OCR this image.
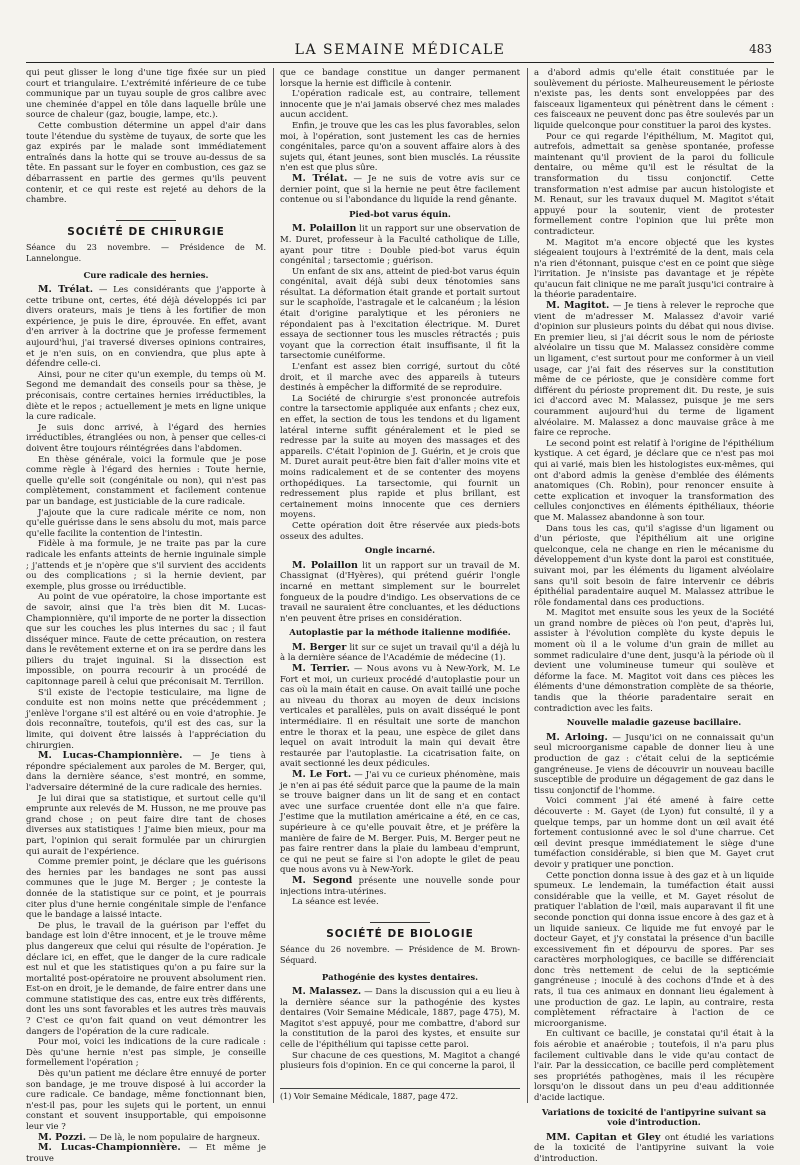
LA SEMAINE MÉDICALE	483

qui peut glisser le long d'une tige fixée sur un pied court et triangulaire. L'extrémité inférieure de ce tube communique par un tuyau souple de gros calibre avec une cheminée d'appel en tôle dans laquelle brûle une source de chaleur (gaz, bougie, lampe, etc.).

Cette combustion détermine un appel d'air dans toute l'étendue du système de tuyaux, de sorte que les gaz expirés par le malade sont immédiatement entraînés dans la hotte qui se trouve au-dessus de sa tête. En passant sur le foyer en combustion, ces gaz se débarrassent en partie des germes qu'ils peuvent contenir, et ce qui reste est rejeté au dehors de la chambre.

SOCIÉTÉ DE CHIRURGIE

Séance du 23 novembre. — Présidence de M. Lannelongue.

Cure radicale des hernies.

M. Trélat. — Les considérants que j'apporte à cette tribune ont, certes, été déjà développés ici par divers orateurs, mais je tiens à les fortifier de mon expérience, je puis le dire, éprouvée. En effet, avant d'en arriver à la doctrine que je professe fermement aujourd'hui, j'ai traversé diverses opinions contraires, et je n'en suis, on en conviendra, que plus apte à défendre celle-ci.

Ainsi, pour ne citer qu'un exemple, du temps où M. Segond me demandait des conseils pour sa thèse, je préconisais, contre certaines hernies irréductibles, la diète et le repos ; actuellement je mets en ligne unique la cure radicale.

Je suis donc arrivé, à l'égard des hernies irréductibles, étranglées ou non, à penser que celles-ci doivent être toujours réintégrées dans l'abdomen.

En thèse générale, voici la formule que je pose comme règle à l'égard des hernies : Toute hernie, quelle qu'elle soit (congénitale ou non), qui n'est pas complètement, constamment et facilement contenue par un bandage, est justiciable de la cure radicale.

J'ajoute que la cure radicale mérite ce nom, non qu'elle guérisse dans le sens absolu du mot, mais parce qu'elle facilite la contention de l'intestin.

Fidèle à ma formule, je ne traite pas par la cure radicale les enfants atteints de hernie inguinale simple ; j'attends et je n'opère que s'il survient des accidents ou des complications ; si la hernie devient, par exemple, plus grosse ou irréductible.

Au point de vue opératoire, la chose importante est de savoir, ainsi que l'a très bien dit M. Lucas-Championnière, qu'il importe de ne porter la dissection que sur les couches les plus internes du sac ; il faut disséquer mince. Faute de cette précaution, on restera dans le revêtement externe et on ira se perdre dans les piliers du trajet inguinal. Si la dissection est impossible, on pourra recourir à un procédé de capitonnage pareil à celui que préconisait M. Terrillon.

S'il existe de l'ectopie testiculaire, ma ligne de conduite est non moins nette que précédemment ; j'enlève l'organe s'il est altéré ou en voie d'atrophie. Je dois reconnaître, toutefois, qu'il est des cas, sur la limite, qui doivent être laissés à l'appréciation du chirurgien.

M. Lucas-Championnière. — Je tiens à répondre spécialement aux paroles de M. Berger, qui, dans la dernière séance, s'est montré, en somme, l'adversaire déterminé de la cure radicale des hernies.

Je lui dirai que sa statistique, et surtout celle qu'il emprunte aux relevés de M. Husson, ne me prouve pas grand chose ; on peut faire dire tant de choses diverses aux statistiques ! J'aime bien mieux, pour ma part, l'opinion qui serait formulée par un chirurgien qui aurait de l'expérience.

Comme premier point, je déclare que les guérisons des hernies par les bandages ne sont pas aussi communes que le juge M. Berger ; je conteste la donnée de la statistique sur ce point, et je pourrais citer plus d'une hernie congénitale simple de l'enfance que le bandage a laissé intacte.

De plus, le travail de la guérison par l'effet du bandage est loin d'être innocent, et je le trouve même plus dangereux que celui qui résulte de l'opération. Je déclare ici, en effet, que le danger de la cure radicale est nul et que les statistiques qu'on a pu faire sur la mortalité post-opératoire ne prouvent absolument rien. Est-on en droit, je le demande, de faire entrer dans une commune statistique des cas, entre eux très différents, dont les uns sont favorables et les autres très mauvais ? C'est ce qu'on fait quand on veut démontrer les dangers de l'opération de la cure radicale.

Pour moi, voici les indications de la cure radicale : Dès qu'une hernie n'est pas simple, je conseille formellement l'opération ;

Dès qu'un patient me déclare être ennuyé de porter son bandage, je me trouve disposé à lui accorder la cure radicale. Ce bandage, même fonctionnant bien, n'est-il pas, pour les sujets qui le portent, un ennui constant et souvent insupportable, qui empoisonne leur vie ?

M. Pozzi. — De là, le nom populaire de hargneux.

M. Lucas-Championnière. — Et même je trouve

que ce bandage constitue un danger permanent lorsque la hernie est difficile à contenir.

L'opération radicale est, au contraire, tellement innocente que je n'ai jamais observé chez mes malades aucun accident.

Enfin, je trouve que les cas les plus favorables, selon moi, à l'opération, sont justement les cas de hernies congénitales, parce qu'on a souvent affaire alors à des sujets qui, étant jeunes, sont bien musclés. La réussite n'en est que plus sûre.

M. Trélat. — Je ne suis de votre avis sur ce dernier point, que si la hernie ne peut être facilement contenue ou si l'abondance du liquide la rend gênante.

Pied-bot varus équin.

M. Polaillon lit un rapport sur une observation de M. Duret, professeur à la Faculté catholique de Lille, ayant pour titre : Double pied-bot varus équin congénital ; tarsectomie ; guérison.

Un enfant de six ans, atteint de pied-bot varus équin congénital, avait déjà subi deux ténotomies sans résultat. La déformation était grande et portait surtout sur le scaphoïde, l'astragale et le calcanéum ; la lésion était d'origine paralytique et les péroniers ne répondaient pas à l'excitation électrique. M. Duret essaya de sectionner tous les muscles rétractés ; puis voyant que la correction était insuffisante, il fit la tarsectomie cunéiforme.

L'enfant est assez bien corrigé, surtout du côté droit, et il marche avec des appareils à tuteurs destinés à empêcher la difformité de se reproduire.

La Société de chirurgie s'est prononcée autrefois contre la tarsectomie appliquée aux enfants ; chez eux, en effet, la section de tous les tendons et du ligament latéral interne suffit généralement et le pied se redresse par la suite au moyen des massages et des appareils. C'était l'opinion de J. Guérin, et je crois que M. Duret aurait peut-être bien fait d'aller moins vite et moins radicalement et de se contenter des moyens orthopédiques. La tarsectomie, qui fournit un redressement plus rapide et plus brillant, est certainement moins innocente que ces derniers moyens.

Cette opération doit être réservée aux pieds-bots osseux des adultes.

Ongle incarné.

M. Polaillon lit un rapport sur un travail de M. Chassignat (d'Hyères), qui prétend guérir l'ongle incarné en mettant simplement sur le bourrelet fongueux de la poudre d'indigo. Les observations de ce travail ne sauraient être concluantes, et les déductions n'en peuvent être prises en considération.

Autoplastie par la méthode italienne modifiée.

M. Berger lit sur ce sujet un travail qu'il a déjà lu à la dernière séance de l'Académie de médecine (1).

M. Terrier. — Nous avons vu à New-York, M. Le Fort et moi, un curieux procédé d'autoplastie pour un cas où la main était en cause. On avait taillé une poche au niveau du thorax au moyen de deux incisions verticales et parallèles, puis on avait disséqué le pont intermédiaire. Il en résultait une sorte de manchon entre le thorax et la peau, une espèce de gilet dans lequel on avait introduit la main qui devait être restaurée par l'autoplastie. La cicatrisation faite, on avait sectionné les deux pédicules.

M. Le Fort. — J'ai vu ce curieux phénomène, mais je n'en ai pas été séduit parce que la paume de la main se trouve baigner dans un lit de sang et en contact avec une surface cruentée dont elle n'a que faire. J'estime que la mutilation américaine a été, en ce cas, supérieure à ce qu'elle pouvait être, et je préfère la manière de faire de M. Berger. Puis, M. Berger peut ne pas faire rentrer dans la plaie du lambeau d'emprunt, ce qui ne peut se faire si l'on adopte le gilet de peau que nous avons vu à New-York.

M. Segond présente une nouvelle sonde pour injections intra-utérines.

La séance est levée.

SOCIÉTÉ DE BIOLOGIE

Séance du 26 novembre. — Présidence de M. Brown-Séquard.

Pathogénie des kystes dentaires.

M. Malassez. — Dans la discussion qui a eu lieu à la dernière séance sur la pathogénie des kystes dentaires (Voir Semaine Médicale, 1887, page 475), M. Magitot s'est appuyé, pour me combattre, d'abord sur la constitution de la paroi des kystes, et ensuite sur celle de l'épithélium qui tapisse cette paroi.

Sur chacune de ces questions, M. Magitot a changé plusieurs fois d'opinion. En ce qui concerne la paroi, il

(1) Voir Semaine Médicale, 1887, page 472.

a d'abord admis qu'elle était constituée par le soulèvement du périoste. Malheureusement le périoste n'existe pas, les dents sont enveloppées par des faisceaux ligamenteux qui pénètrent dans le cément : ces faisceaux ne peuvent donc pas être soulevés par un liquide quelconque pour constituer la paroi des kystes.

Pour ce qui regarde l'épithélium, M. Magitot qui, autrefois, admettait sa genèse spontanée, professe maintenant qu'il provient de la paroi du follicule dentaire, ou même qu'il est le résultat de la transformation du tissu conjonctif. Cette transformation n'est admise par aucun histologiste et M. Renaut, sur les travaux duquel M. Magitot s'était appuyé pour la soutenir, vient de protester formellement contre l'opinion que lui prête mon contradicteur.

M. Magitot m'a encore objecté que les kystes siégeaient toujours à l'extrémité de la dent, mais cela n'a rien d'étonnant, puisque c'est en ce point que siège l'irritation. Je n'insiste pas davantage et je répète qu'aucun fait clinique ne me paraît jusqu'ici contraire à la théorie paradentaire.

M. Magitot. — Je tiens à relever le reproche que vient de m'adresser M. Malassez d'avoir varié d'opinion sur plusieurs points du débat qui nous divise. En premier lieu, si j'ai décrit sous le nom de périoste alvéolaire un tissu que M. Malassez considère comme un ligament, c'est surtout pour me conformer à un vieil usage, car j'ai fait des réserves sur la constitution même de ce périoste, que je considère comme fort différent du périoste proprement dit. Du reste, je suis ici d'accord avec M. Malassez, puisque je me sers couramment aujourd'hui du terme de ligament alvéolaire. M. Malassez a donc mauvaise grâce à me faire ce reproche.

Le second point est relatif à l'origine de l'épithélium kystique. A cet égard, je déclare que ce n'est pas moi qui ai varié, mais bien les histologistes eux-mêmes, qui ont d'abord admis la genèse d'emblée des éléments anatomiques (Ch. Robin), pour renoncer ensuite à cette explication et invoquer la transformation des cellules conjonctives en éléments épithéliaux, théorie que M. Malassez abandonne à son tour.

Dans tous les cas, qu'il s'agisse d'un ligament ou d'un périoste, que l'épithélium ait une origine quelconque, cela ne change en rien le mécanisme du développement d'un kyste dont la paroi est constituée, suivant moi, par les éléments du ligament alvéolaire sans qu'il soit besoin de faire intervenir ce débris épithélial paradentaire auquel M. Malassez attribue le rôle fondamental dans ces productions.

M. Magitot met ensuite sous les yeux de la Société un grand nombre de pièces où l'on peut, d'après lui, assister à l'évolution complète du kyste depuis le moment où il a le volume d'un grain de millet au sommet radiculaire d'une dent, jusqu'à la période où il devient une volumineuse tumeur qui soulève et déforme la face. M. Magitot voit dans ces pièces les éléments d'une démonstration complète de sa théorie, tandis que la théorie paradentaire serait en contradiction avec les faits.

Nouvelle maladie gazeuse bacillaire.

M. Arloing. — Jusqu'ici on ne connaissait qu'un seul microorganisme capable de donner lieu à une production de gaz : c'était celui de la septicémie gangréneuse. Je viens de découvrir un nouveau bacille susceptible de produire un dégagement de gaz dans le tissu conjonctif de l'homme.

Voici comment j'ai été amené à faire cette découverte : M. Gayet (de Lyon) fut consulté, il y a quelque temps, par un homme dont un œil avait été fortement contusionné avec le sol d'une charrue. Cet œil devint presque immédiatement le siège d'une tuméfaction considérable, si bien que M. Gayet crut devoir y pratiquer une ponction.

Cette ponction donna issue à des gaz et à un liquide spumeux. Le lendemain, la tuméfaction était aussi considérable que la veille, et M. Gayet résolut de pratiquer l'ablation de l'œil, mais auparavant il fit une seconde ponction qui donna issue encore à des gaz et à un liquide sanieux. Ce liquide me fut envoyé par le docteur Gayet, et j'y constatai la présence d'un bacille excessivement fin et dépourvu de spores. Par ses caractères morphologiques, ce bacille se différenciait donc très nettement de celui de la septicémie gangréneuse ; inoculé à des cochons d'Inde et à des rats, il tua ces animaux en donnant lieu également à une production de gaz. Le lapin, au contraire, resta complètement réfractaire à l'action de ce microorganisme.

En cultivant ce bacille, je constatai qu'il était à la fois aérobie et anaérobie ; toutefois, il n'a paru plus facilement cultivable dans le vide qu'au contact de l'air. Par la dessiccation, ce bacille perd complètement ses propriétés pathogènes, mais il les récupère lorsqu'on le dissout dans un peu d'eau additionnée d'acide lactique.

Variations de toxicité de l'antipyrine suivant sa voie d'introduction.

MM. Capitan et Gley ont étudié les variations de la toxicité de l'antipyrine suivant la voie d'introduction.
